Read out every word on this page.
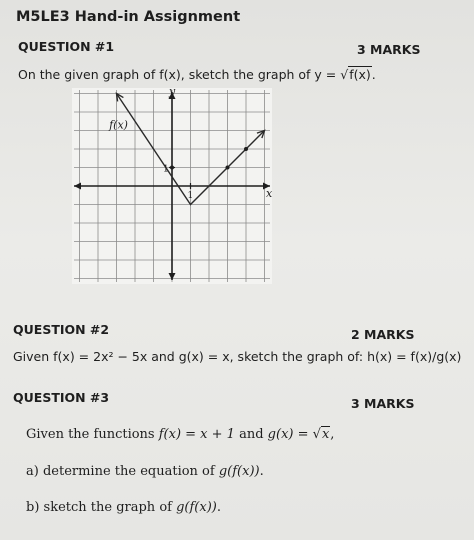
M5LE3 Hand-in Assignment
QUESTION #1	3 MARKS
On the given graph of f(x), sketch the graph of y = √f(x).
y
x
f(x)
1
1
QUESTION #2	2 MARKS
Given f(x) = 2x² − 5x and g(x) = x, sketch the graph of: h(x) = f(x)/g(x)
QUESTION #3	3 MARKS
Given the functions f(x) = x + 1 and g(x) = √x,
a) determine the equation of g(f(x)).
b) sketch the graph of g(f(x)).
